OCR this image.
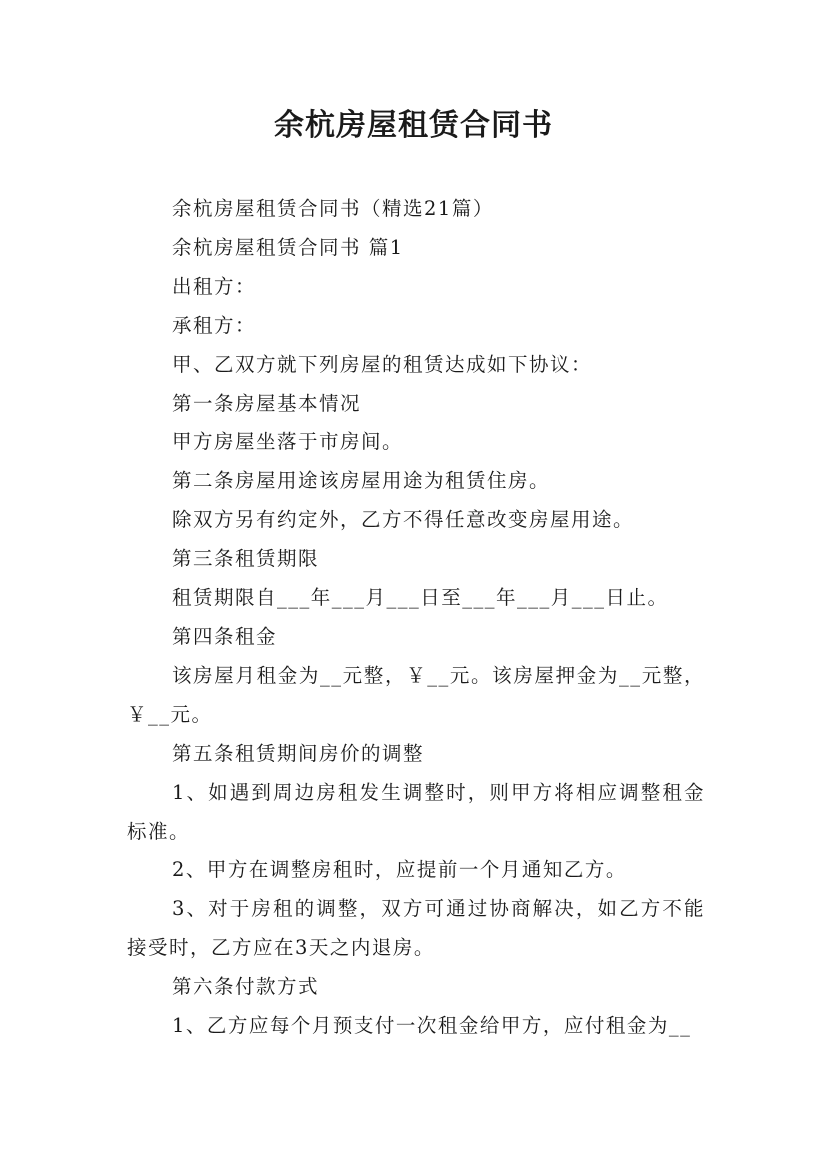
余杭房屋租赁合同书

余杭房屋租赁合同书（精选21篇）

余杭房屋租赁合同书 篇1

出租方：

承租方：

甲、乙双方就下列房屋的租赁达成如下协议：

第一条房屋基本情况

甲方房屋坐落于市房间。

第二条房屋用途该房屋用途为租赁住房。

除双方另有约定外，乙方不得任意改变房屋用途。

第三条租赁期限

租赁期限自___年___月___日至___年___月___日止。

第四条租金

该房屋月租金为__元整，￥__元。该房屋押金为__元整，￥__元。

第五条租赁期间房价的调整

1、如遇到周边房租发生调整时，则甲方将相应调整租金标准。

2、甲方在调整房租时，应提前一个月通知乙方。

3、对于房租的调整，双方可通过协商解决，如乙方不能接受时，乙方应在3天之内退房。

第六条付款方式

1、乙方应每个月预支付一次租金给甲方，应付租金为__
